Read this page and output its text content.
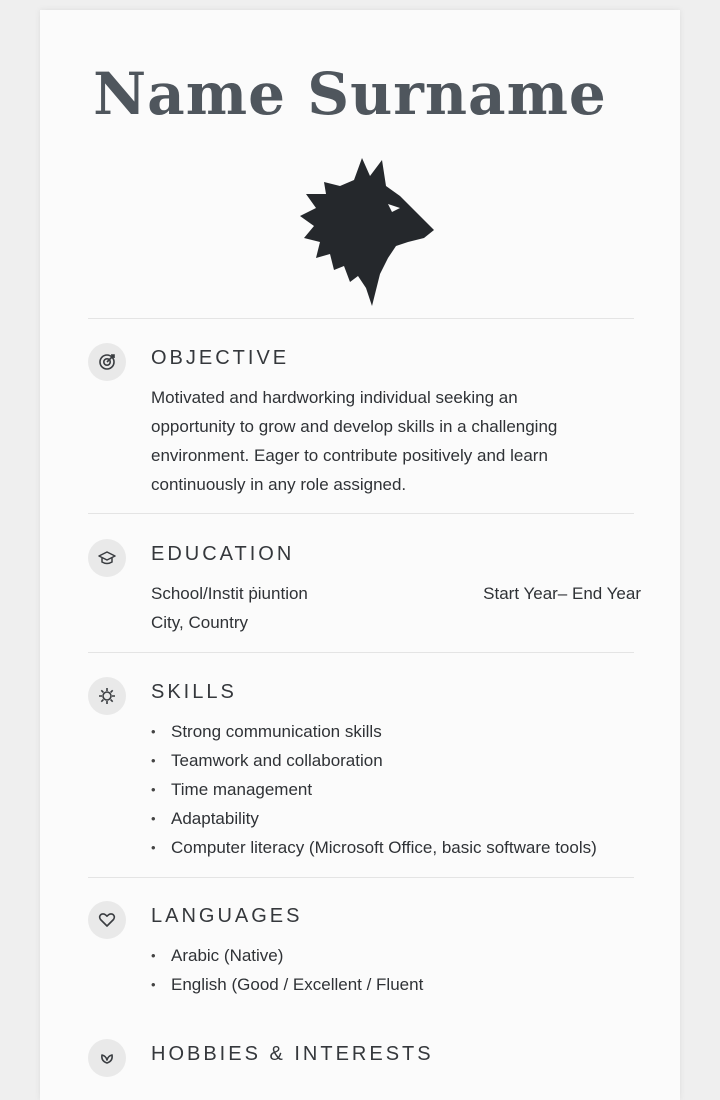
Name Surname
OBJECTIVE

Motivated and hardworking individual seeking an

opportunity to grow and develop skills in a challenging

environment. Eager to contribute positively and learn

continuously in any role assigned.

EDUCATION
School/Instit ṗiuntion	Start Year– End Year
City, Country
SKILLS
• Strong communication skills
• Teamwork and collaboration
• Time management
• Adaptability
• Computer literacy (Microsoft Office, basic software tools)
LANGUAGES
• Arabic (Native)
• English (Good / Excellent / Fluent
HOBBIES & INTERESTS
